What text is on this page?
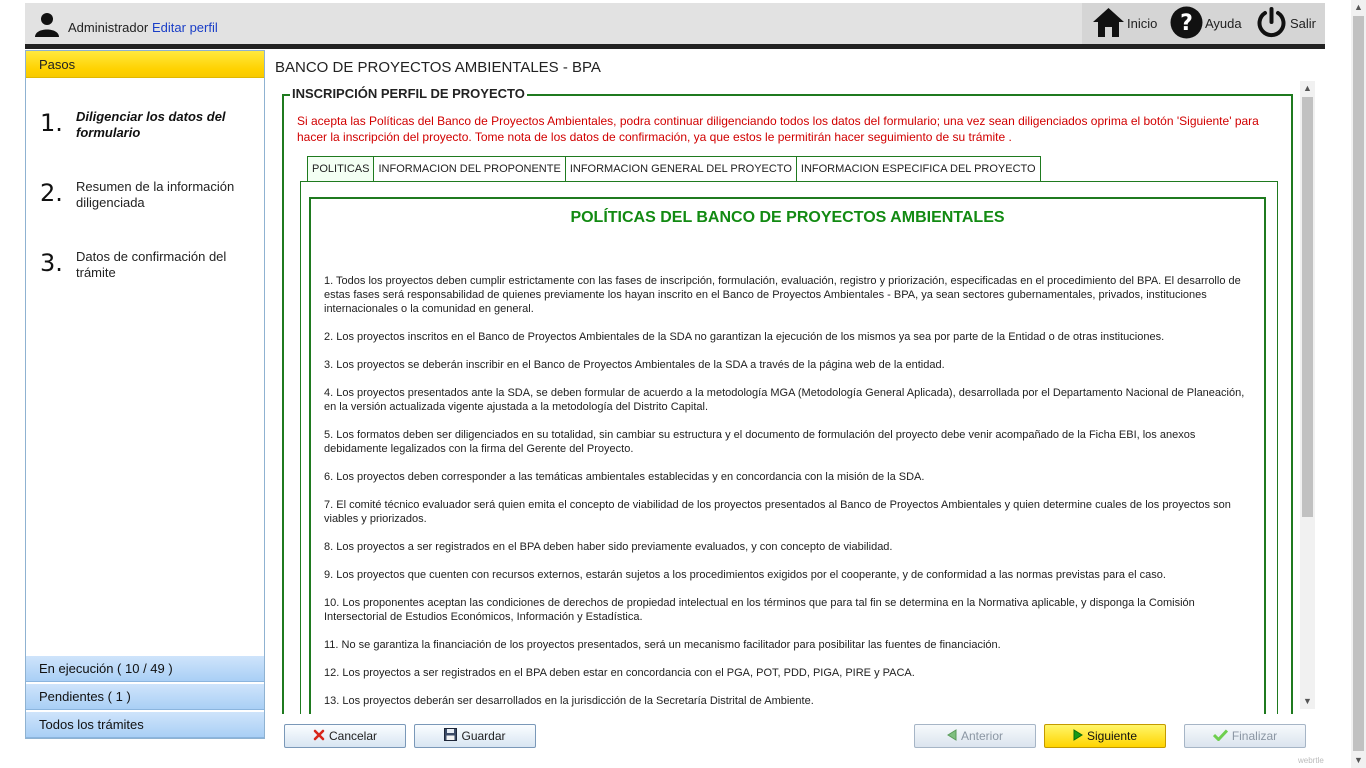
Administrador Editar perfil	Inicio ? Ayuda	Salir
Pasos
1.	Diligenciar los datos del formulario
2.	Resumen de la información diligenciada
3.	Datos de confirmación del trámite
En ejecución ( 10 / 49 )
Pendientes ( 1 )
Todos los trámites
BANCO DE PROYECTOS AMBIENTALES - BPA
INSCRIPCIÓN PERFIL DE PROYECTO
Si acepta las Políticas del Banco de Proyectos Ambientales, podra continuar diligenciando todos los datos del formulario; una vez sean diligenciados oprima el botón 'Siguiente' para hacer la inscripción del proyecto. Tome nota de los datos de confirmación, ya que estos le permitirán hacer seguimiento de su trámite .
POLITICAS INFORMACION DEL PROPONENTE INFORMACION GENERAL DEL PROYECTO INFORMACION ESPECIFICA DEL PROYECTO
POLÍTICAS DEL BANCO DE PROYECTOS AMBIENTALES
1. Todos los proyectos deben cumplir estrictamente con las fases de inscripción, formulación, evaluación, registro y priorización, especificadas en el procedimiento del BPA. El desarrollo de estas fases será responsabilidad de quienes previamente los hayan inscrito en el Banco de Proyectos Ambientales - BPA, ya sean sectores gubernamentales, privados, instituciones internacionales o la comunidad en general.
2. Los proyectos inscritos en el Banco de Proyectos Ambientales de la SDA no garantizan la ejecución de los mismos ya sea por parte de la Entidad o de otras instituciones.
3. Los proyectos se deberán inscribir en el Banco de Proyectos Ambientales de la SDA a través de la página web de la entidad.
4. Los proyectos presentados ante la SDA, se deben formular de acuerdo a la metodología MGA (Metodología General Aplicada), desarrollada por el Departamento Nacional de Planeación, en la versión actualizada vigente ajustada a la metodología del Distrito Capital.
5. Los formatos deben ser diligenciados en su totalidad, sin cambiar su estructura y el documento de formulación del proyecto debe venir acompañado de la Ficha EBI, los anexos debidamente legalizados con la firma del Gerente del Proyecto.
6. Los proyectos deben corresponder a las temáticas ambientales establecidas y en concordancia con la misión de la SDA.
7. El comité técnico evaluador será quien emita el concepto de viabilidad de los proyectos presentados al Banco de Proyectos Ambientales y quien determine cuales de los proyectos son viables y priorizados.
8. Los proyectos a ser registrados en el BPA deben haber sido previamente evaluados, y con concepto de viabilidad.
9. Los proyectos que cuenten con recursos externos, estarán sujetos a los procedimientos exigidos por el cooperante, y de conformidad a las normas previstas para el caso.
10. Los proponentes aceptan las condiciones de derechos de propiedad intelectual en los términos que para tal fin se determina en la Normativa aplicable, y disponga la Comisión Intersectorial de Estudios Económicos, Información y Estadística.
11. No se garantiza la financiación de los proyectos presentados, será un mecanismo facilitador para posibilitar las fuentes de financiación.
12. Los proyectos a ser registrados en el BPA deben estar en concordancia con el PGA, POT, PDD, PIGA, PIRE y PACA.
13. Los proyectos deberán ser desarrollados en la jurisdicción de la Secretaría Distrital de Ambiente.
▲
▼
▲
▼
Cancelar	Guardar	Anterior	Siguiente	Finalizar
webrtle
